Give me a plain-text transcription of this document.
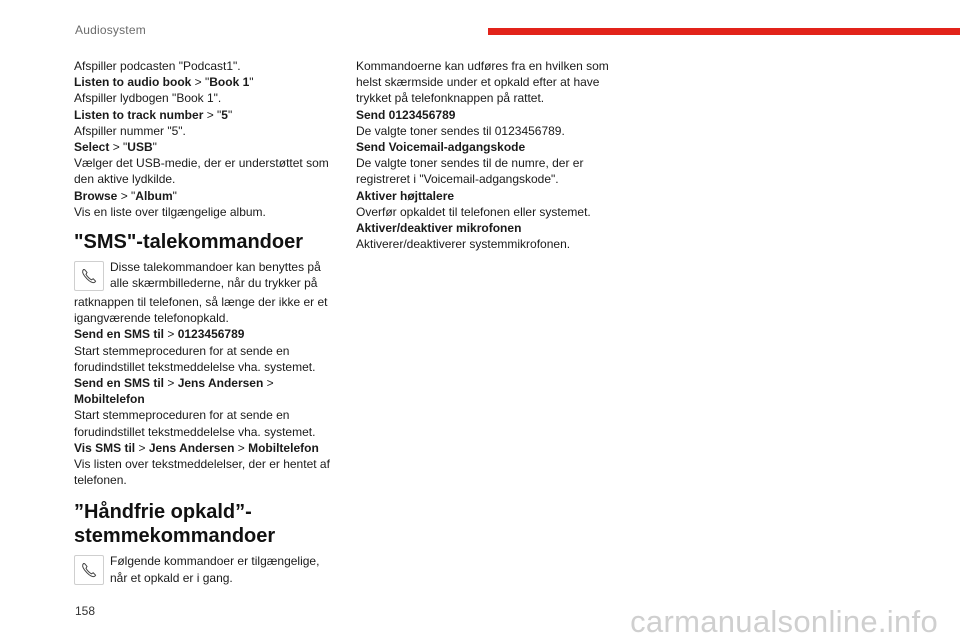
Audiosystem
Afspiller podcasten "Podcast1".
Listen to audio book > "Book 1"
Afspiller lydbogen "Book 1".
Listen to track number > "5"
Afspiller nummer "5".
Select > "USB"
Vælger det USB-medie, der er understøttet som
den aktive lydkilde.
Browse > "Album"
Vis en liste over tilgængelige album.
"SMS"-talekommandoer
Disse talekommandoer kan benyttes på
alle skærmbillederne, når du trykker på
ratknappen til telefonen, så længe der ikke er et
igangværende telefonopkald.
Send en SMS til > 0123456789
Start stemmeproceduren for at sende en
forudindstillet tekstmeddelelse vha. systemet.
Send en SMS til > Jens Andersen >
Mobiltelefon
Start stemmeproceduren for at sende en
forudindstillet tekstmeddelelse vha. systemet.
Vis SMS til > Jens Andersen > Mobiltelefon
Vis listen over tekstmeddelelser, der er hentet af
telefonen.
”Håndfrie opkald”-
stemmekommandoer
Følgende kommandoer er tilgængelige,
når et opkald er i gang.
Kommandoerne kan udføres fra en hvilken som
helst skærmside under et opkald efter at have
trykket på telefonknappen på rattet.
Send 0123456789
De valgte toner sendes til 0123456789.
Send Voicemail-adgangskode
De valgte toner sendes til de numre, der er
registreret i "Voicemail-adgangskode".
Aktiver højttalere
Overfør opkaldet til telefonen eller systemet.
Aktiver/deaktiver mikrofonen
Aktiverer/deaktiverer systemmikrofonen.
158	carmanualsonline.info
